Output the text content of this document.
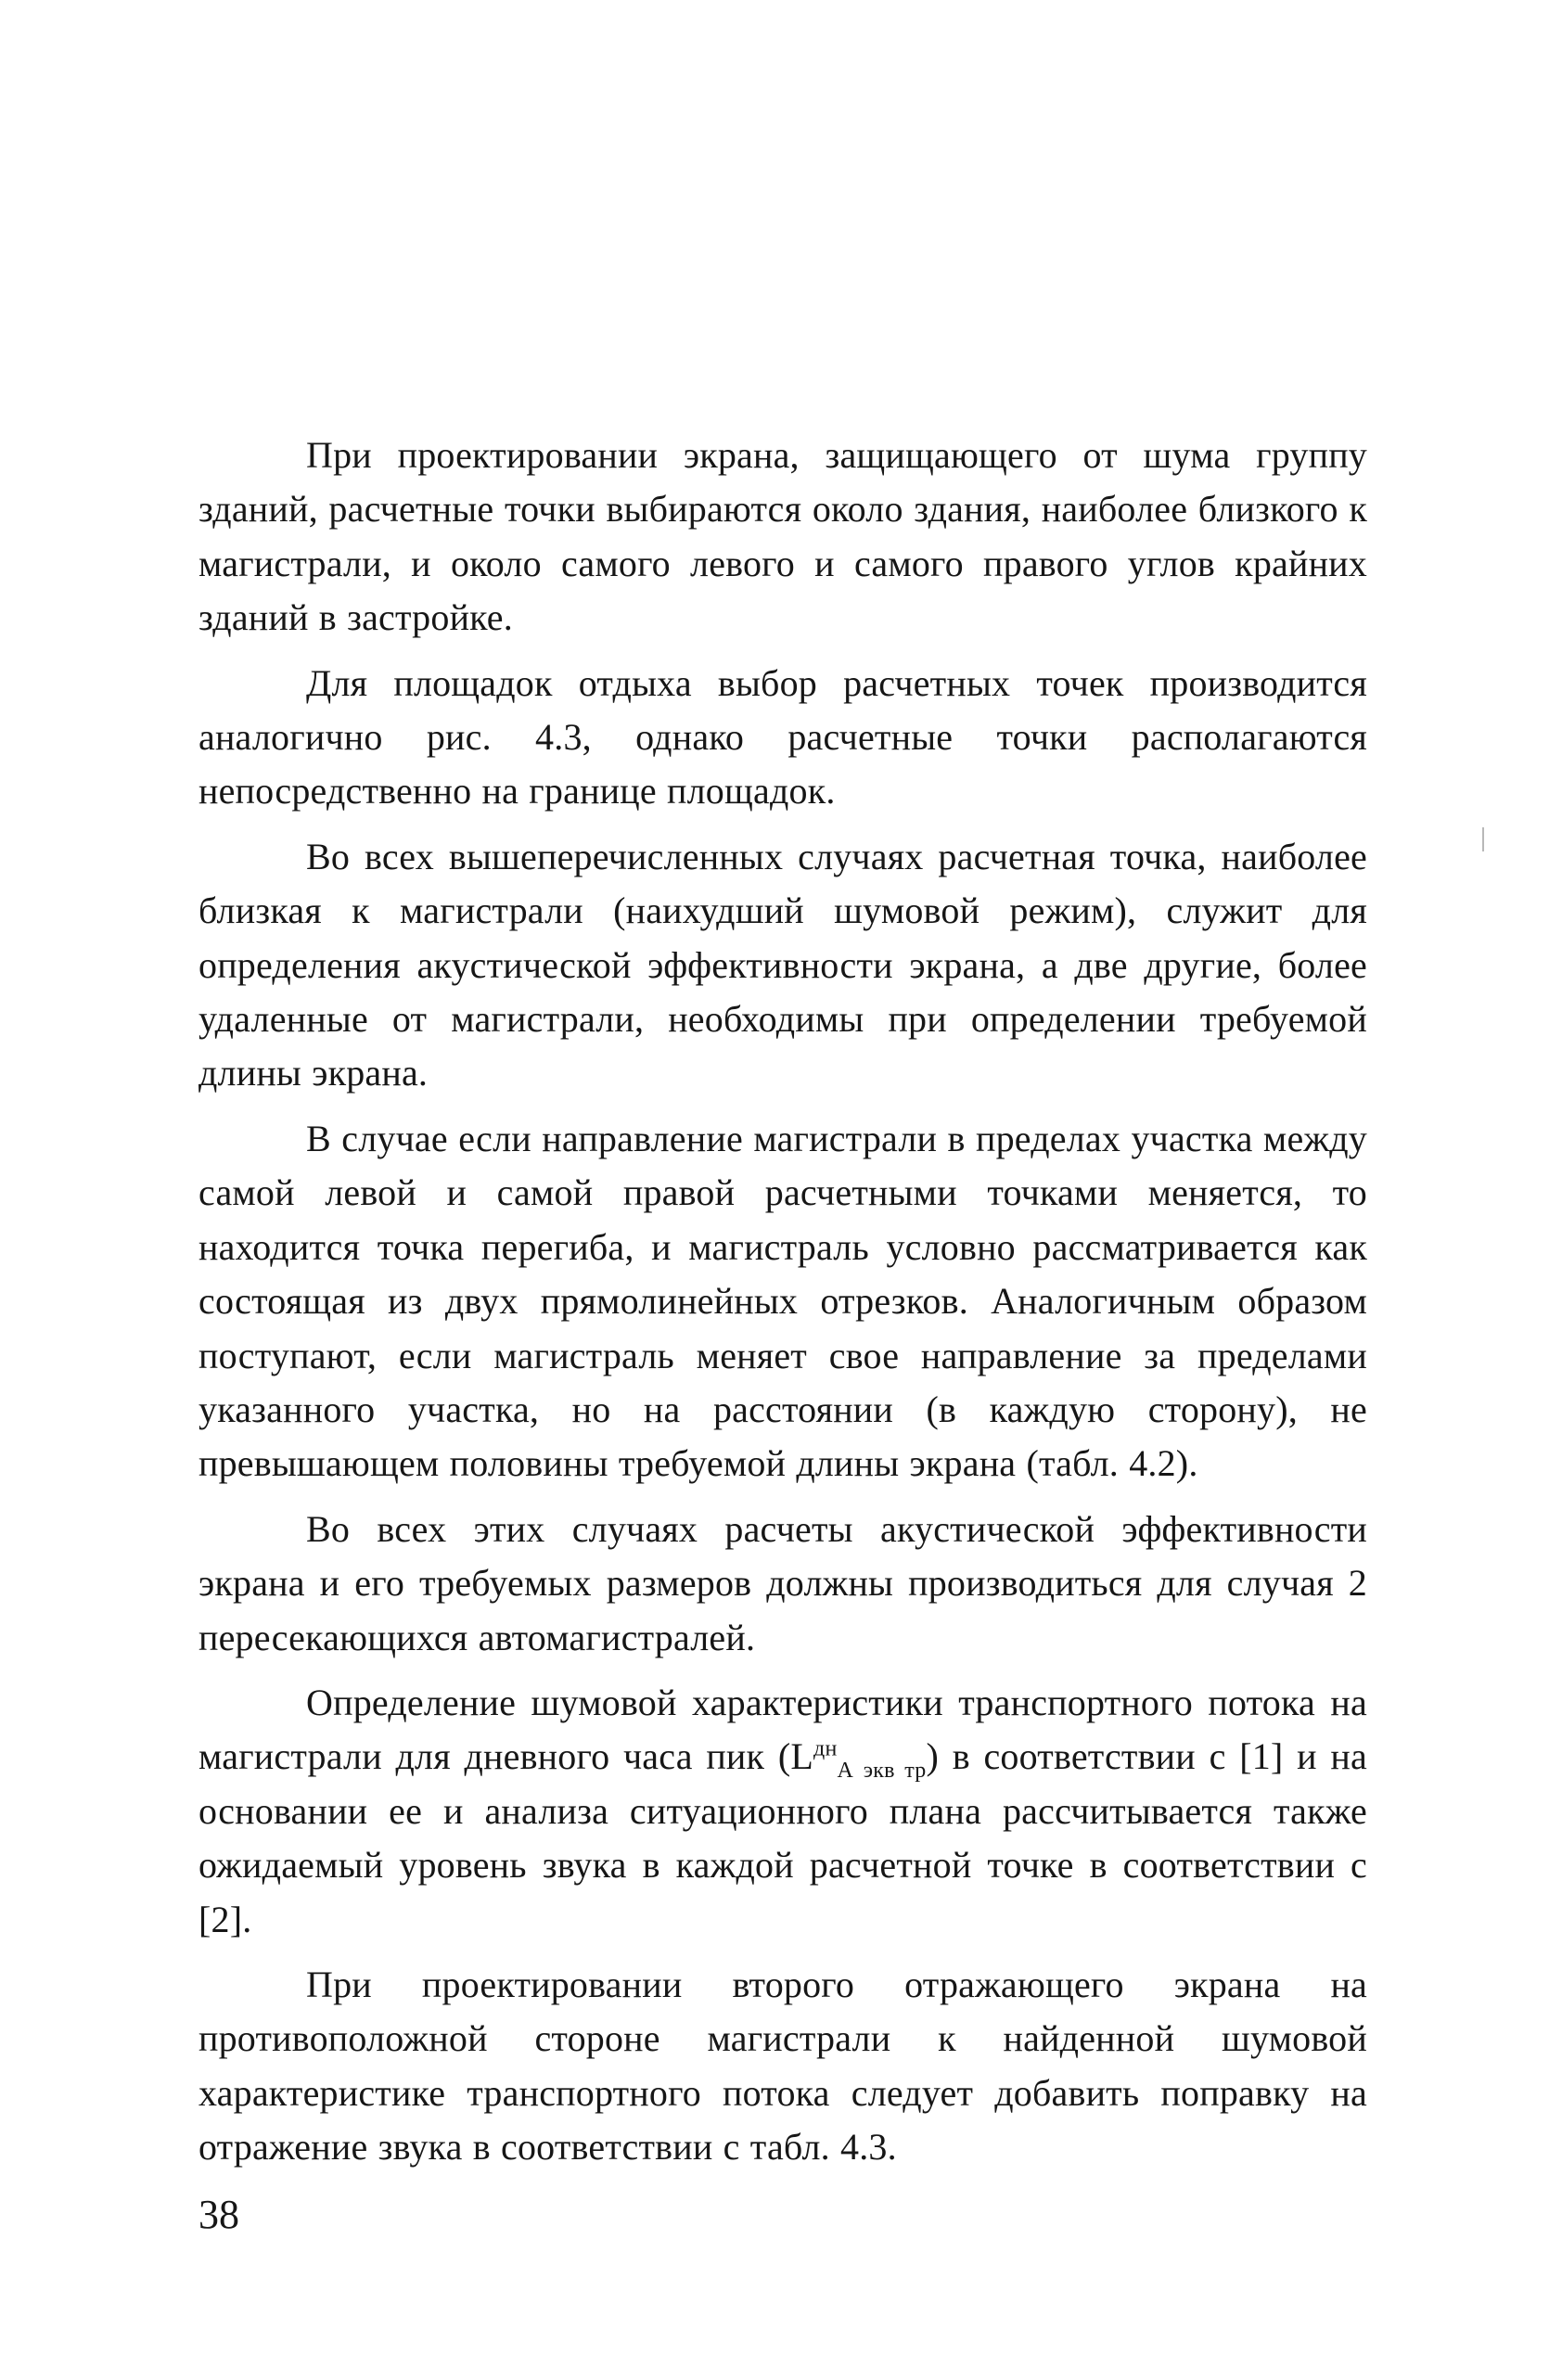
При проектировании экрана, защищающего от шума группу зданий, расчетные точки выбираются около здания, наиболее близкого к магистрали, и около самого левого и самого правого углов крайних зданий в застройке.

Для площадок отдыха выбор расчетных точек производится аналогично рис. 4.3, однако расчетные точки располагаются непосредственно на границе площадок.

Во всех вышеперечисленных случаях расчетная точка, наиболее близкая к магистрали (наихудший шумовой режим), служит для определения акустической эффективности экрана, а две другие, более удаленные от магистрали, необходимы при определении требуемой длины экрана.

В случае если направление магистрали в пределах участка между самой левой и самой правой расчетными точками меняется, то находится точка перегиба, и магистраль условно рассматривается как состоящая из двух прямолинейных отрезков. Аналогичным образом поступают, если магистраль меняет свое направление за пределами указанного участка, но на расстоянии (в каждую сторону), не превышающем половины требуемой длины экрана (табл. 4.2).

Во всех этих случаях расчеты акустической эффективности экрана и его требуемых размеров должны производиться для случая 2 пересекающихся автомагистралей.

Определение шумовой характеристики транспортного потока на магистрали для дневного часа пик $(L^{дн}_{А экв тр})$ в соответствии с [1] и на основании ее и анализа ситуационного плана рассчитывается также ожидаемый уровень звука в каждой расчетной точке в соответствии с [2].

При проектировании второго отражающего экрана на противоположной стороне магистрали к найденной шумовой характеристике транспортного потока следует добавить поправку на отражение звука в соответствии с табл. 4.3.

38
